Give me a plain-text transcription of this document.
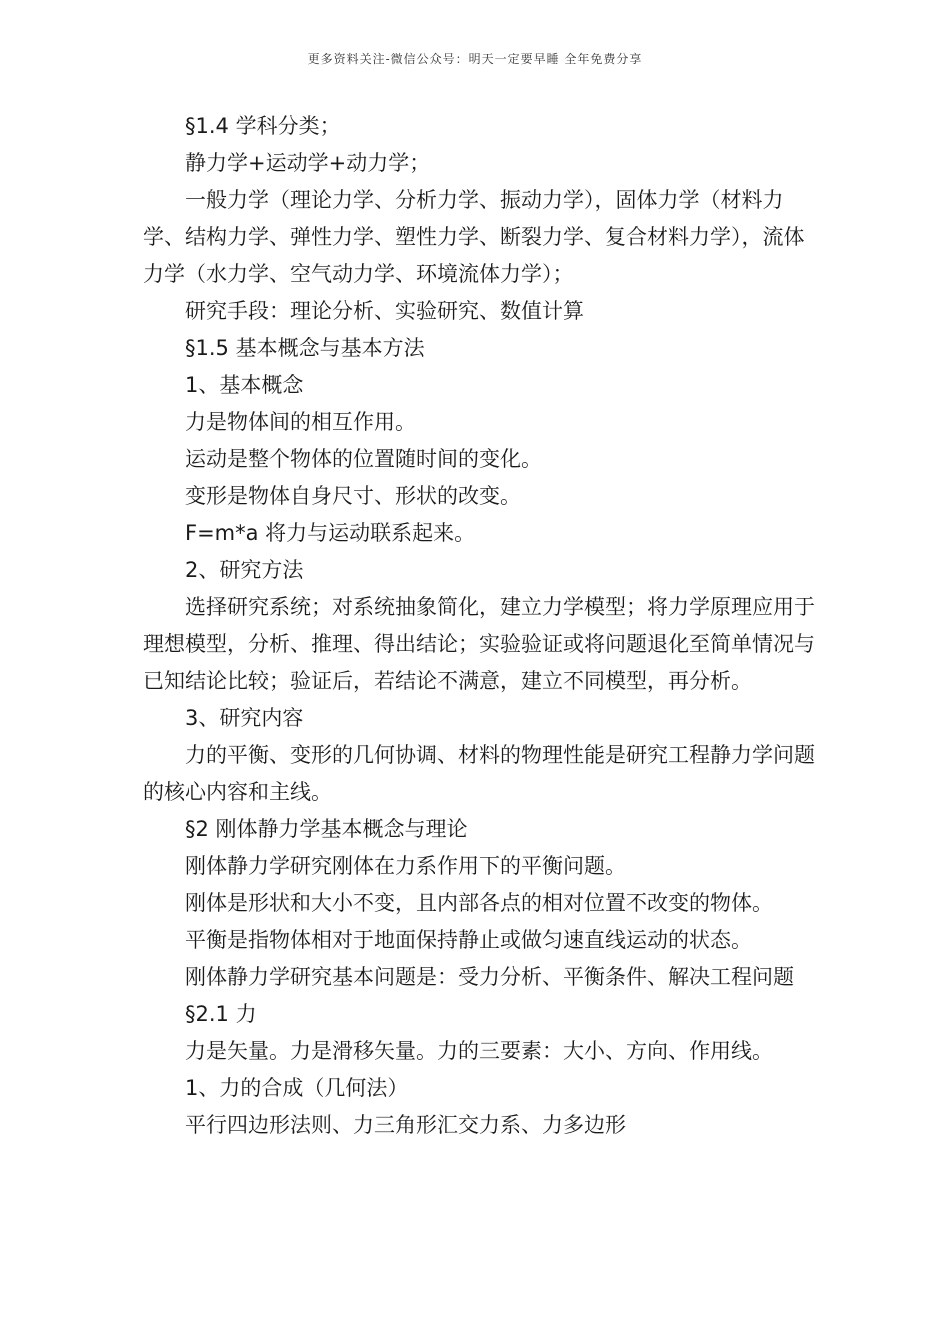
更多资料关注-微信公众号：明天一定要早睡 全年免费分享

§1.4 学科分类；

静力学+运动学+动力学；

一般力学（理论力学、分析力学、振动力学），固体力学（材料力学、结构力学、弹性力学、塑性力学、断裂力学、复合材料力学），流体力学（水力学、空气动力学、环境流体力学）；

研究手段：理论分析、实验研究、数值计算

§1.5 基本概念与基本方法

1、基本概念

力是物体间的相互作用。

运动是整个物体的位置随时间的变化。

变形是物体自身尺寸、形状的改变。

F=m*a 将力与运动联系起来。

2、研究方法

选择研究系统；对系统抽象简化，建立力学模型；将力学原理应用于理想模型，分析、推理、得出结论；实验验证或将问题退化至简单情况与已知结论比较；验证后，若结论不满意，建立不同模型，再分析。

3、研究内容

力的平衡、变形的几何协调、材料的物理性能是研究工程静力学问题的核心内容和主线。

§2 刚体静力学基本概念与理论

刚体静力学研究刚体在力系作用下的平衡问题。

刚体是形状和大小不变，且内部各点的相对位置不改变的物体。

平衡是指物体相对于地面保持静止或做匀速直线运动的状态。

刚体静力学研究基本问题是：受力分析、平衡条件、解决工程问题

§2.1 力

力是矢量。力是滑移矢量。力的三要素：大小、方向、作用线。

1、力的合成（几何法）

平行四边形法则、力三角形汇交力系、力多边形
